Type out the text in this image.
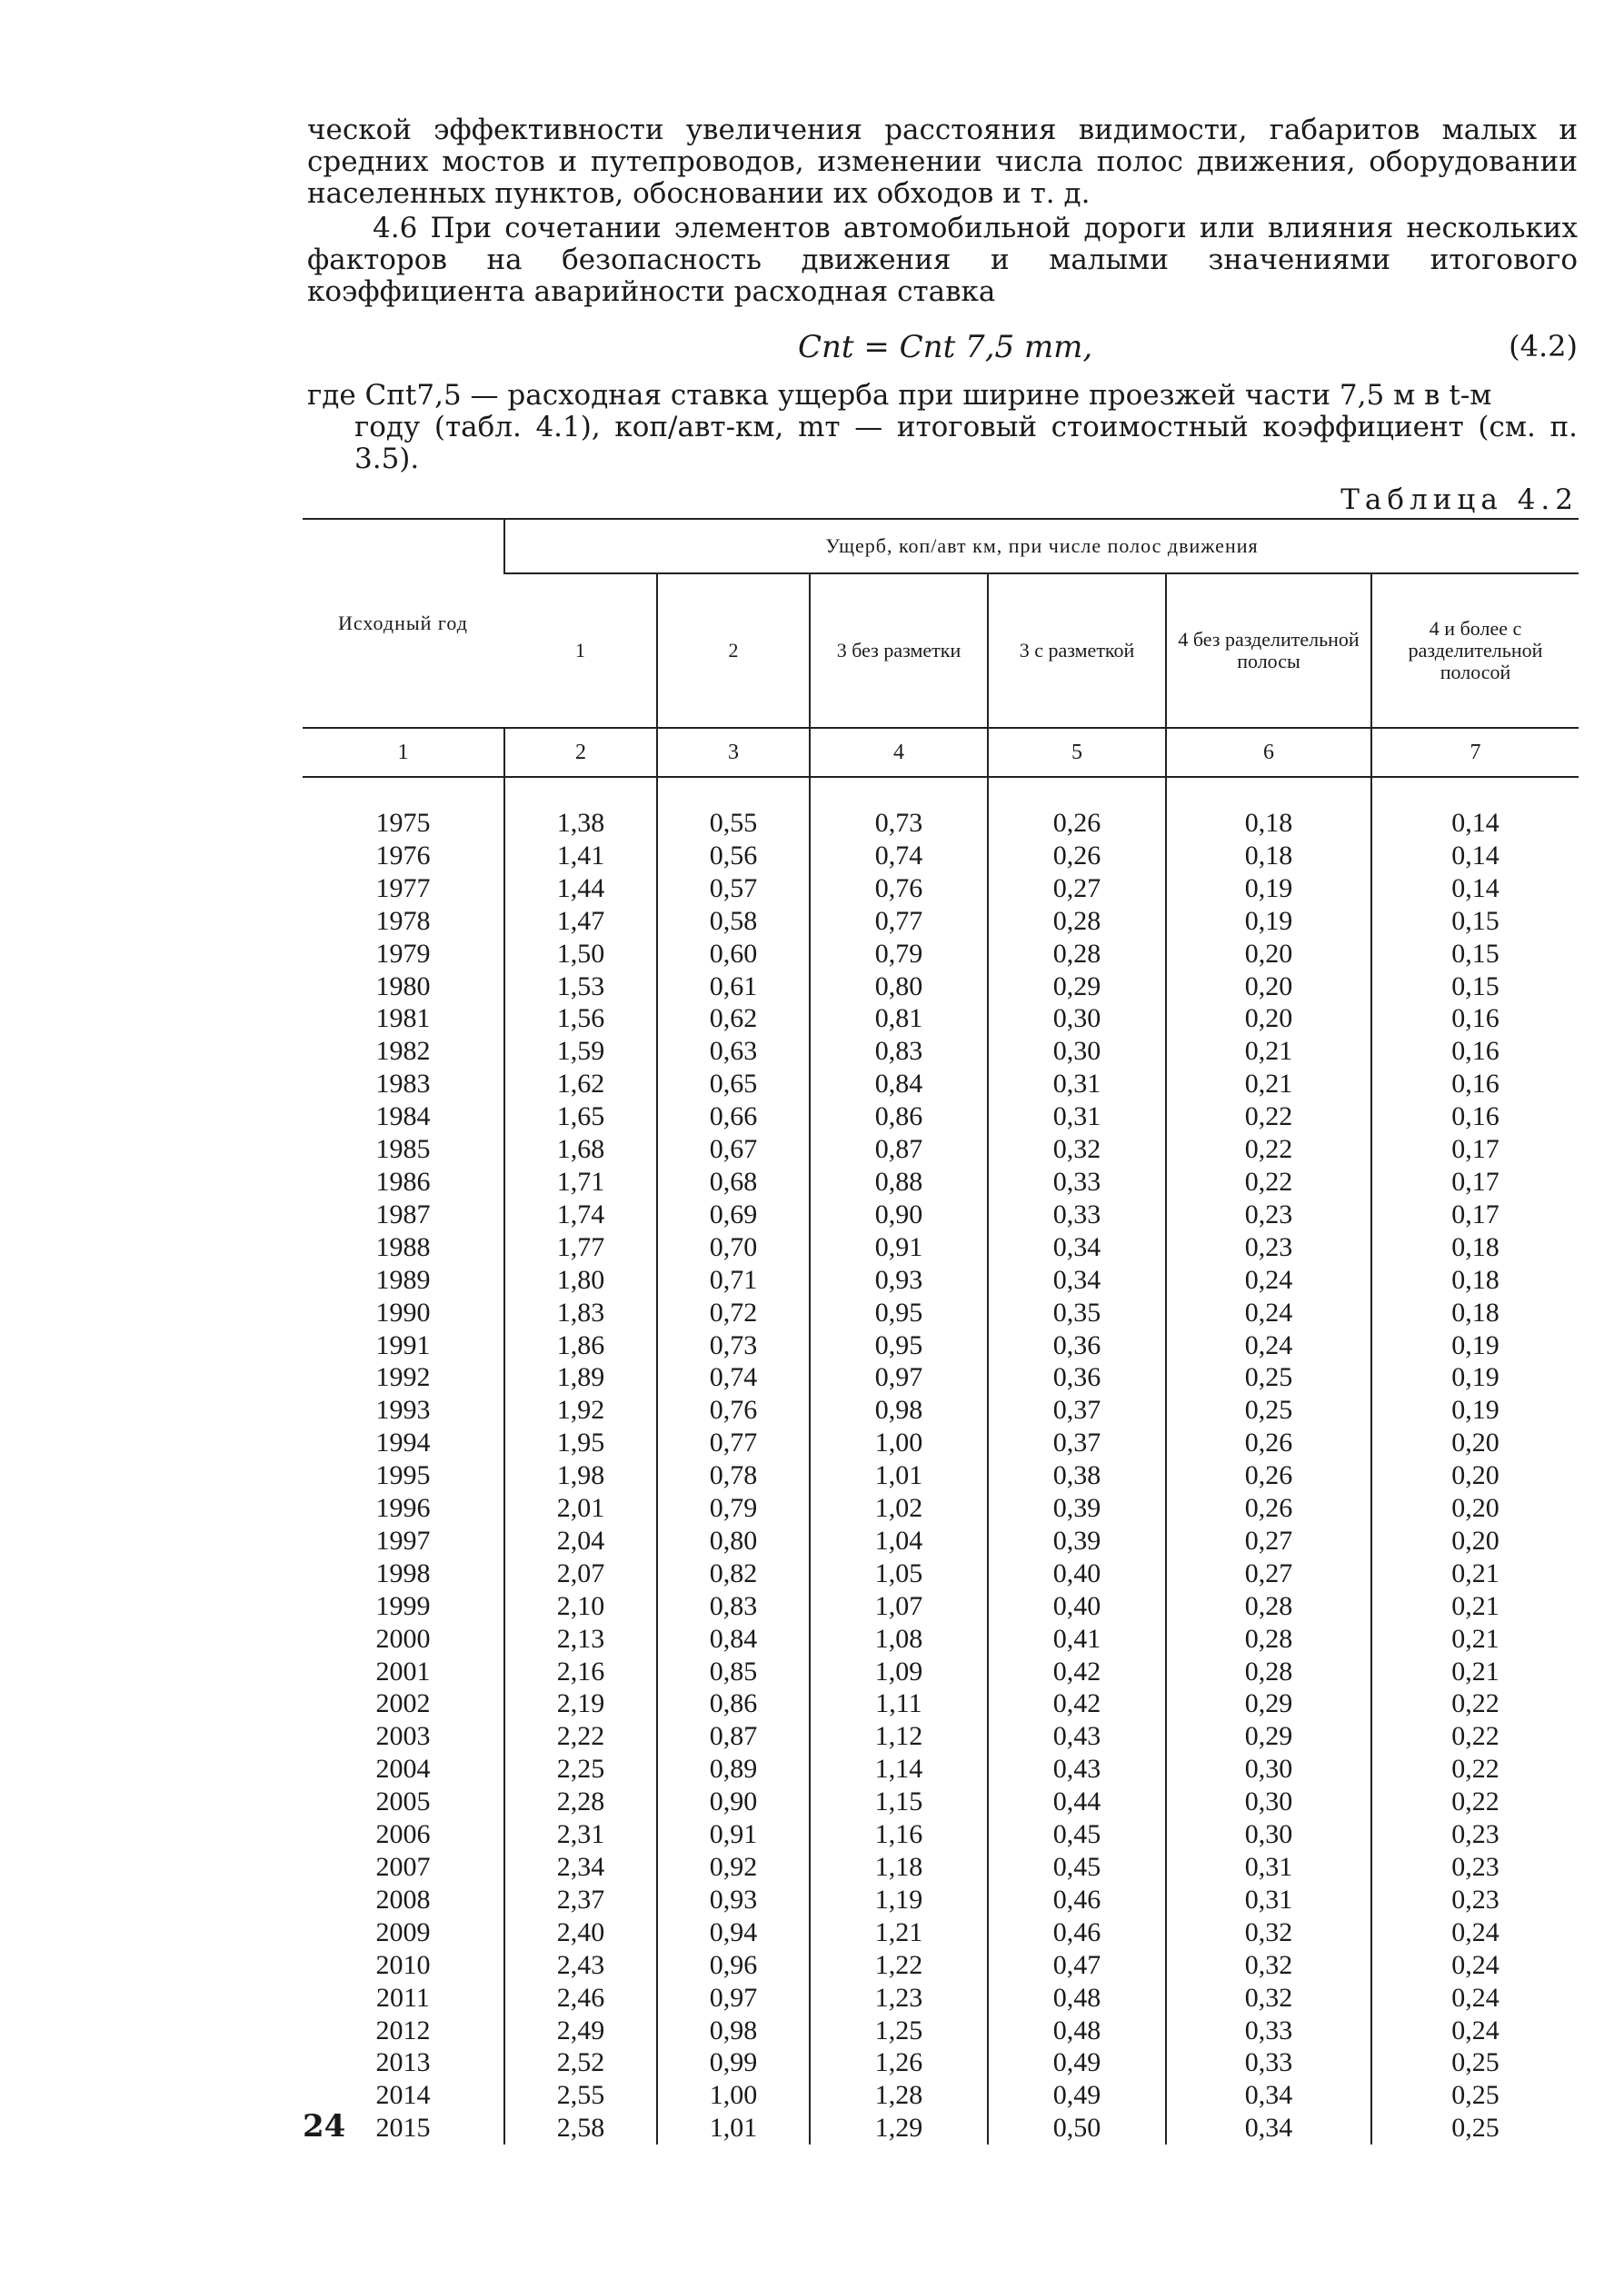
ческой эффективности увеличения расстояния видимости, габаритов малых и средних мостов и путепроводов, изменении числа полос движения, оборудовании населенных пунктов, обосновании их обходов и т. д.

4.6 При сочетании элементов автомобильной дороги или влияния нескольких факторов на безопасность движения и малыми значениями итогового коэффициента аварийности расходная ставка

Cпt = Cпt 7,5 mт,	(4.2)

где Cпt7,5 — расходная ставка ущерба при ширине проезжей части 7,5 м в t-м
году (табл. 4.1), коп/авт-км, mт — итоговый стоимостный коэффициент (см. п. 3.5).

Таблица 4.2
Исходный год	Ущерб, коп/авт км, при числе полос движения					
	1	2	3 без разметки	3 с разметкой	4 без разделительной полосы	4 и более с разделительной полосой
1	2	3	4	5	6	7
1975	1,38	0,55	0,73	0,26	0,18	0,14
1976	1,41	0,56	0,74	0,26	0,18	0,14
1977	1,44	0,57	0,76	0,27	0,19	0,14
1978	1,47	0,58	0,77	0,28	0,19	0,15
1979	1,50	0,60	0,79	0,28	0,20	0,15
1980	1,53	0,61	0,80	0,29	0,20	0,15
1981	1,56	0,62	0,81	0,30	0,20	0,16
1982	1,59	0,63	0,83	0,30	0,21	0,16
1983	1,62	0,65	0,84	0,31	0,21	0,16
1984	1,65	0,66	0,86	0,31	0,22	0,16
1985	1,68	0,67	0,87	0,32	0,22	0,17
1986	1,71	0,68	0,88	0,33	0,22	0,17
1987	1,74	0,69	0,90	0,33	0,23	0,17
1988	1,77	0,70	0,91	0,34	0,23	0,18
1989	1,80	0,71	0,93	0,34	0,24	0,18
1990	1,83	0,72	0,95	0,35	0,24	0,18
1991	1,86	0,73	0,95	0,36	0,24	0,19
1992	1,89	0,74	0,97	0,36	0,25	0,19
1993	1,92	0,76	0,98	0,37	0,25	0,19
1994	1,95	0,77	1,00	0,37	0,26	0,20
1995	1,98	0,78	1,01	0,38	0,26	0,20
1996	2,01	0,79	1,02	0,39	0,26	0,20
1997	2,04	0,80	1,04	0,39	0,27	0,20
1998	2,07	0,82	1,05	0,40	0,27	0,21
1999	2,10	0,83	1,07	0,40	0,28	0,21
2000	2,13	0,84	1,08	0,41	0,28	0,21
2001	2,16	0,85	1,09	0,42	0,28	0,21
2002	2,19	0,86	1,11	0,42	0,29	0,22
2003	2,22	0,87	1,12	0,43	0,29	0,22
2004	2,25	0,89	1,14	0,43	0,30	0,22
2005	2,28	0,90	1,15	0,44	0,30	0,22
2006	2,31	0,91	1,16	0,45	0,30	0,23
2007	2,34	0,92	1,18	0,45	0,31	0,23
2008	2,37	0,93	1,19	0,46	0,31	0,23
2009	2,40	0,94	1,21	0,46	0,32	0,24
2010	2,43	0,96	1,22	0,47	0,32	0,24
2011	2,46	0,97	1,23	0,48	0,32	0,24
2012	2,49	0,98	1,25	0,48	0,33	0,24
2013	2,52	0,99	1,26	0,49	0,33	0,25
2014	2,55	1,00	1,28	0,49	0,34	0,25
2015	2,58	1,01	1,29	0,50	0,34	0,25
24
